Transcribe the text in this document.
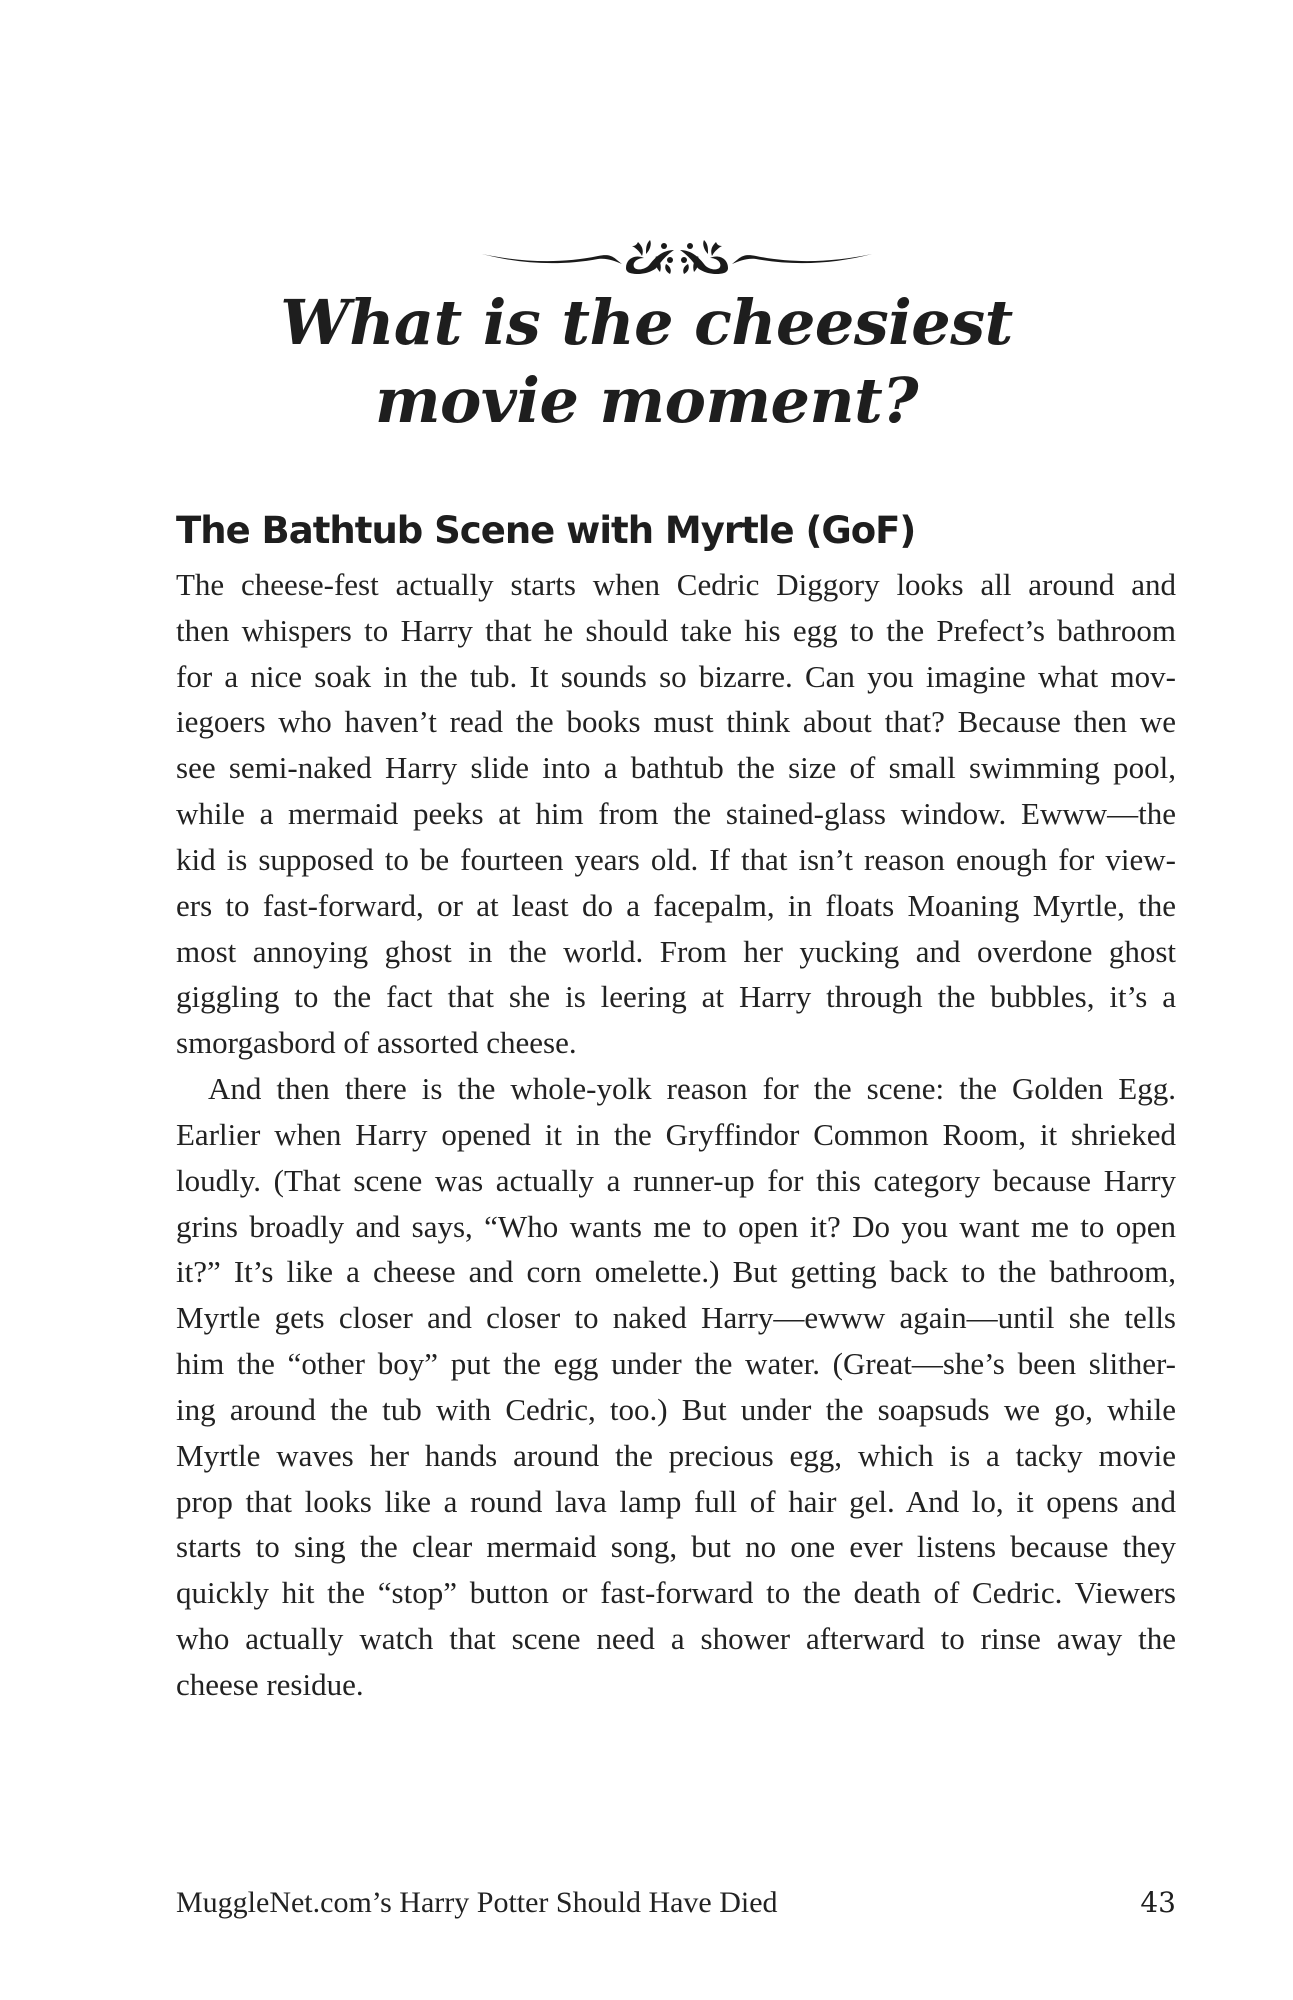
What is the cheesiest
movie moment?
The Bathtub Scene with Myrtle (GoF)
The cheese-fest actually starts when Cedric Diggory looks all around and
then whispers to Harry that he should take his egg to the Prefect’s bathroom
for a nice soak in the tub. It sounds so bizarre. Can you imagine what mov-
iegoers who haven’t read the books must think about that? Because then we
see semi-naked Harry slide into a bathtub the size of small swimming pool,
while a mermaid peeks at him from the stained-glass window. Ewww—the
kid is supposed to be fourteen years old. If that isn’t reason enough for view-
ers to fast-forward, or at least do a facepalm, in floats Moaning Myrtle, the
most annoying ghost in the world. From her yucking and overdone ghost
giggling to the fact that she is leering at Harry through the bubbles, it’s a
smorgasbord of assorted cheese.
And then there is the whole-yolk reason for the scene: the Golden Egg.
Earlier when Harry opened it in the Gryffindor Common Room, it shrieked
loudly. (That scene was actually a runner-up for this category because Harry
grins broadly and says, “Who wants me to open it? Do you want me to open
it?” It’s like a cheese and corn omelette.) But getting back to the bathroom,
Myrtle gets closer and closer to naked Harry—ewww again—until she tells
him the “other boy” put the egg under the water. (Great—she’s been slither-
ing around the tub with Cedric, too.) But under the soapsuds we go, while
Myrtle waves her hands around the precious egg, which is a tacky movie
prop that looks like a round lava lamp full of hair gel. And lo, it opens and
starts to sing the clear mermaid song, but no one ever listens because they
quickly hit the “stop” button or fast-forward to the death of Cedric. Viewers
who actually watch that scene need a shower afterward to rinse away the
cheese residue.
MuggleNet.com’s Harry Potter Should Have Died	43
